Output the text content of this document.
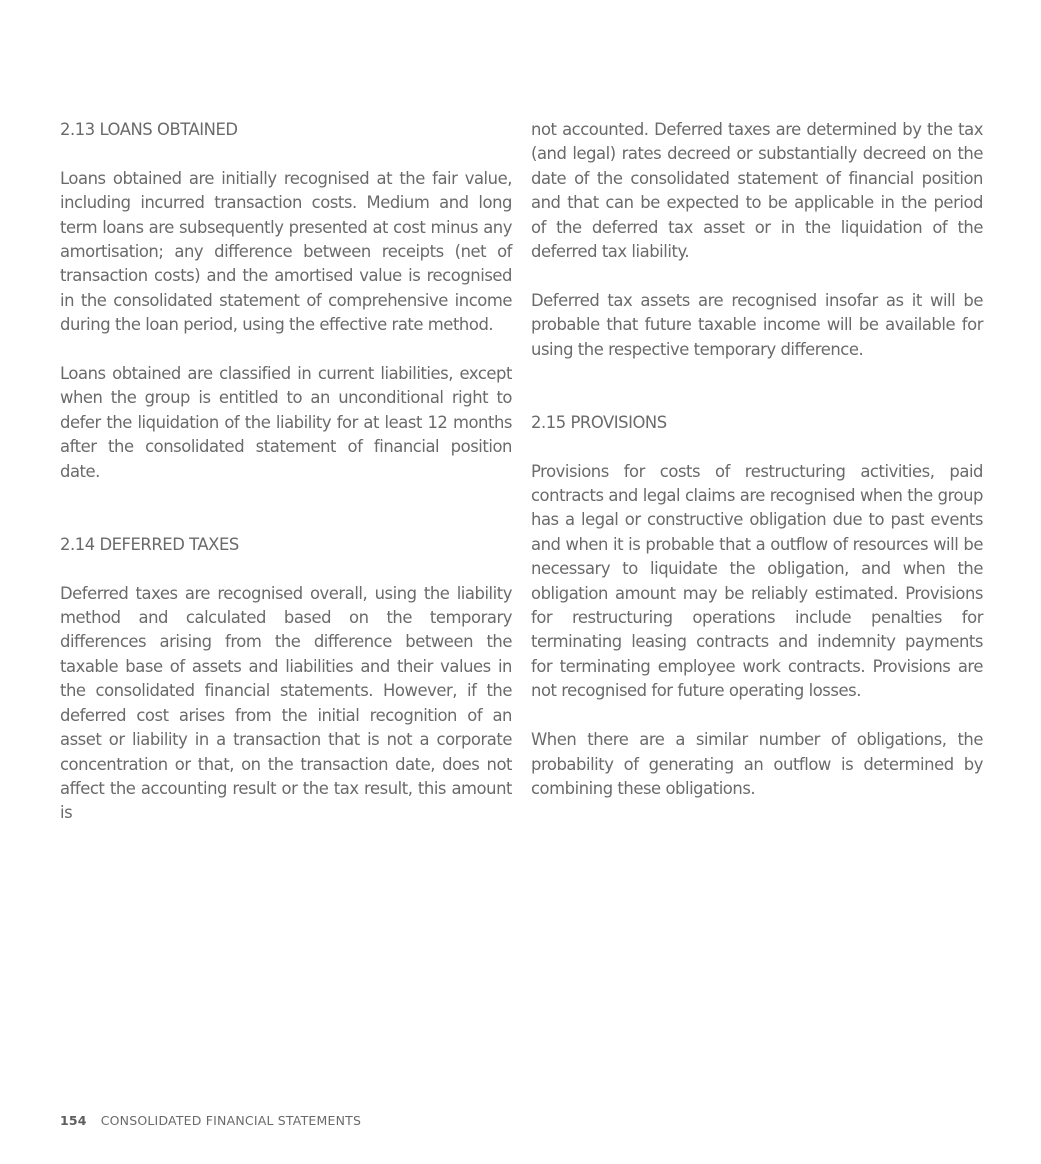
2.13 LOANS OBTAINED

Loans obtained are initially recognised at the fair value, including incurred transaction costs. Medium and long term loans are subsequently presented at cost minus any amortisation; any difference between receipts (net of transaction costs) and the amortised value is recognised in the consolidated statement of comprehensive income during the loan period, using the effective rate method.

Loans obtained are classified in current liabilities, except when the group is entitled to an unconditional right to defer the liquidation of the liability for at least 12 months after the consolidated statement of financial position date.

2.14 DEFERRED TAXES

Deferred taxes are recognised overall, using the liability method and calculated based on the temporary differences arising from the difference between the taxable base of assets and liabilities and their values in the consolidated financial statements. However, if the deferred cost arises from the initial recognition of an asset or liability in a transaction that is not a corporate concentration or that, on the transaction date, does not affect the accounting result or the tax result, this amount is

not accounted. Deferred taxes are determined by the tax (and legal) rates decreed or substantially decreed on the date of the consolidated statement of financial position and that can be expected to be applicable in the period of the deferred tax asset or in the liquidation of the deferred tax liability.

Deferred tax assets are recognised insofar as it will be probable that future taxable income will be available for using the respective temporary difference.

2.15 PROVISIONS

Provisions for costs of restructuring activities, paid contracts and legal claims are recognised when the group has a legal or constructive obligation due to past events and when it is probable that a outflow of resources will be necessary to liquidate the obligation, and when the obligation amount may be reliably estimated. Provisions for restructuring operations include penalties for terminating leasing contracts and indemnity payments for terminating employee work contracts. Provisions are not recognised for future operating losses.

When there are a similar number of obligations, the probability of generating an outflow is determined by combining these obligations.

154 CONSOLIDATED FINANCIAL STATEMENTS
